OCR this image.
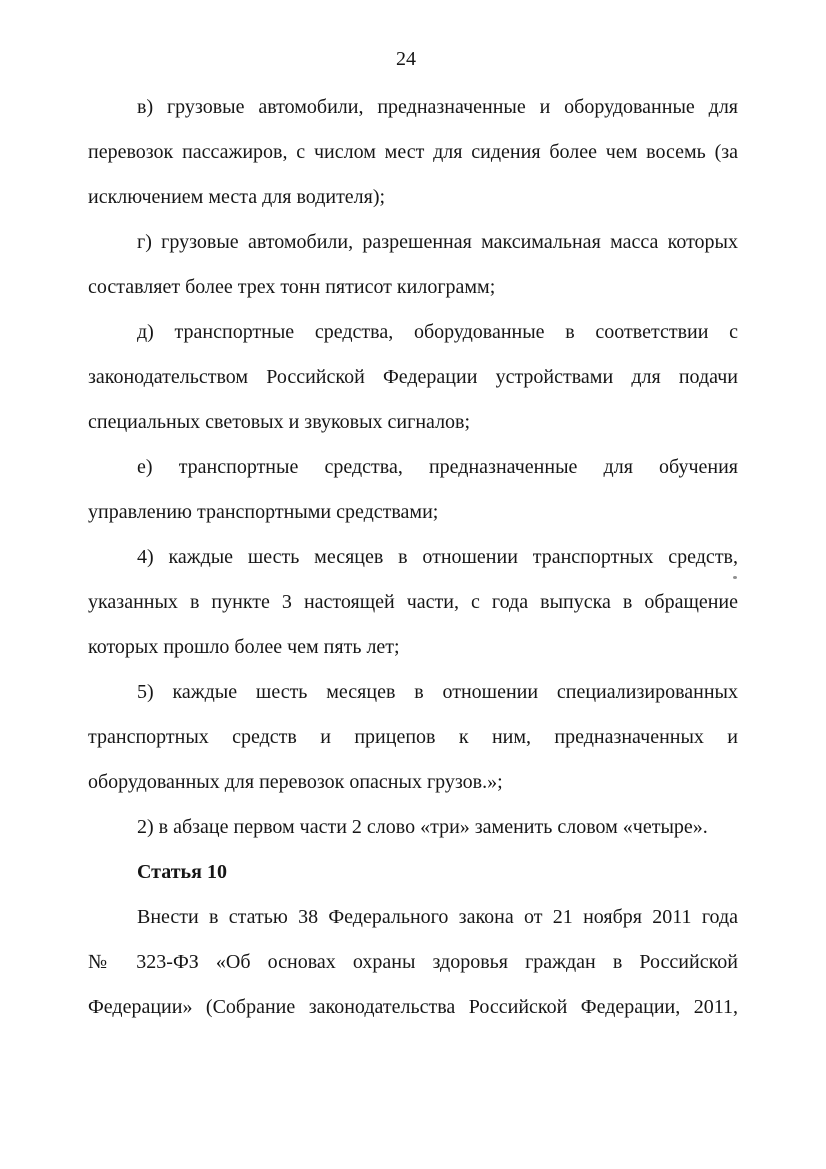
24
в) грузовые автомобили, предназначенные и оборудованные для
перевозок пассажиров, с числом мест для сидения более чем восемь (за
исключением места для водителя);
г) грузовые автомобили, разрешенная максимальная масса которых
составляет более трех тонн пятисот килограмм;
д) транспортные средства, оборудованные в соответствии с
законодательством Российской Федерации устройствами для подачи
специальных световых и звуковых сигналов;
е) транспортные средства, предназначенные для обучения
управлению транспортными средствами;
4) каждые шесть месяцев в отношении транспортных средств,
указанных в пункте 3 настоящей части, с года выпуска в обращение
которых прошло более чем пять лет;
5) каждые шесть месяцев в отношении специализированных
транспортных средств и прицепов к ним, предназначенных и
оборудованных для перевозок опасных грузов.»;
2) в абзаце первом части 2 слово «три» заменить словом «четыре».
Статья 10
Внести в статью 38 Федерального закона от 21 ноября 2011 года
№ 323-ФЗ «Об основах охраны здоровья граждан в Российской
Федерации» (Собрание законодательства Российской Федерации, 2011,
